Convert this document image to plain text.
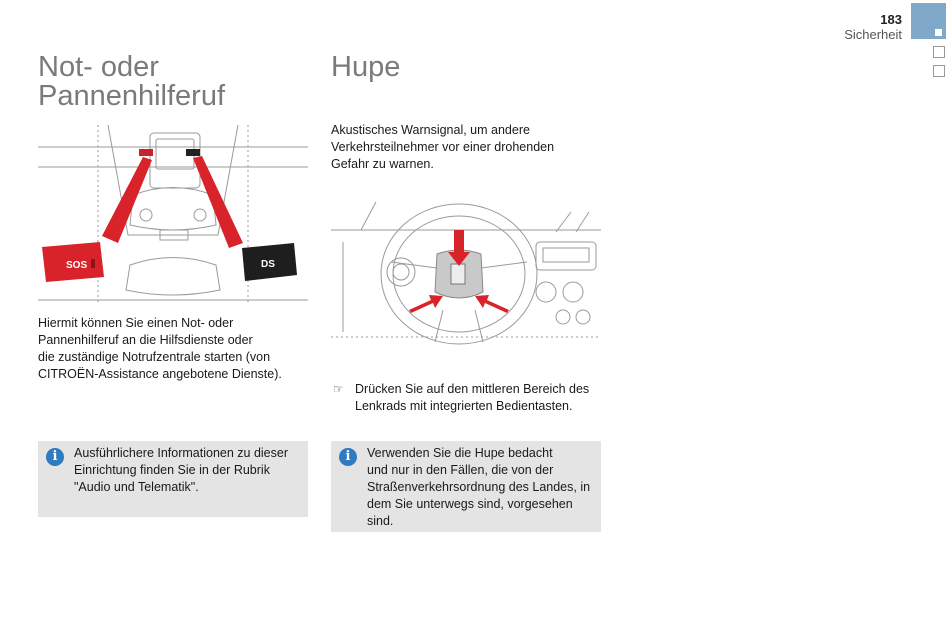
183
Sicherheit
Not- oder
Pannenhilferuf
SOS	DS
Hiermit können Sie einen Not- oder
Pannenhilferuf an die Hilfsdienste oder
die zuständige Notrufzentrale starten (von
CITROËN-Assistance angebotene Dienste).
i	Ausführlichere Informationen zu dieser
Einrichtung finden Sie in der Rubrik
"Audio und Telematik".
Hupe
Akustisches Warnsignal, um andere
Verkehrsteilnehmer vor einer drohenden
Gefahr zu warnen.
☞ Drücken Sie auf den mittleren Bereich des
Lenkrads mit integrierten Bedientasten.
i	Verwenden Sie die Hupe bedacht
und nur in den Fällen, die von der
Straßenverkehrsordnung des Landes, in
dem Sie unterwegs sind, vorgesehen sind.
